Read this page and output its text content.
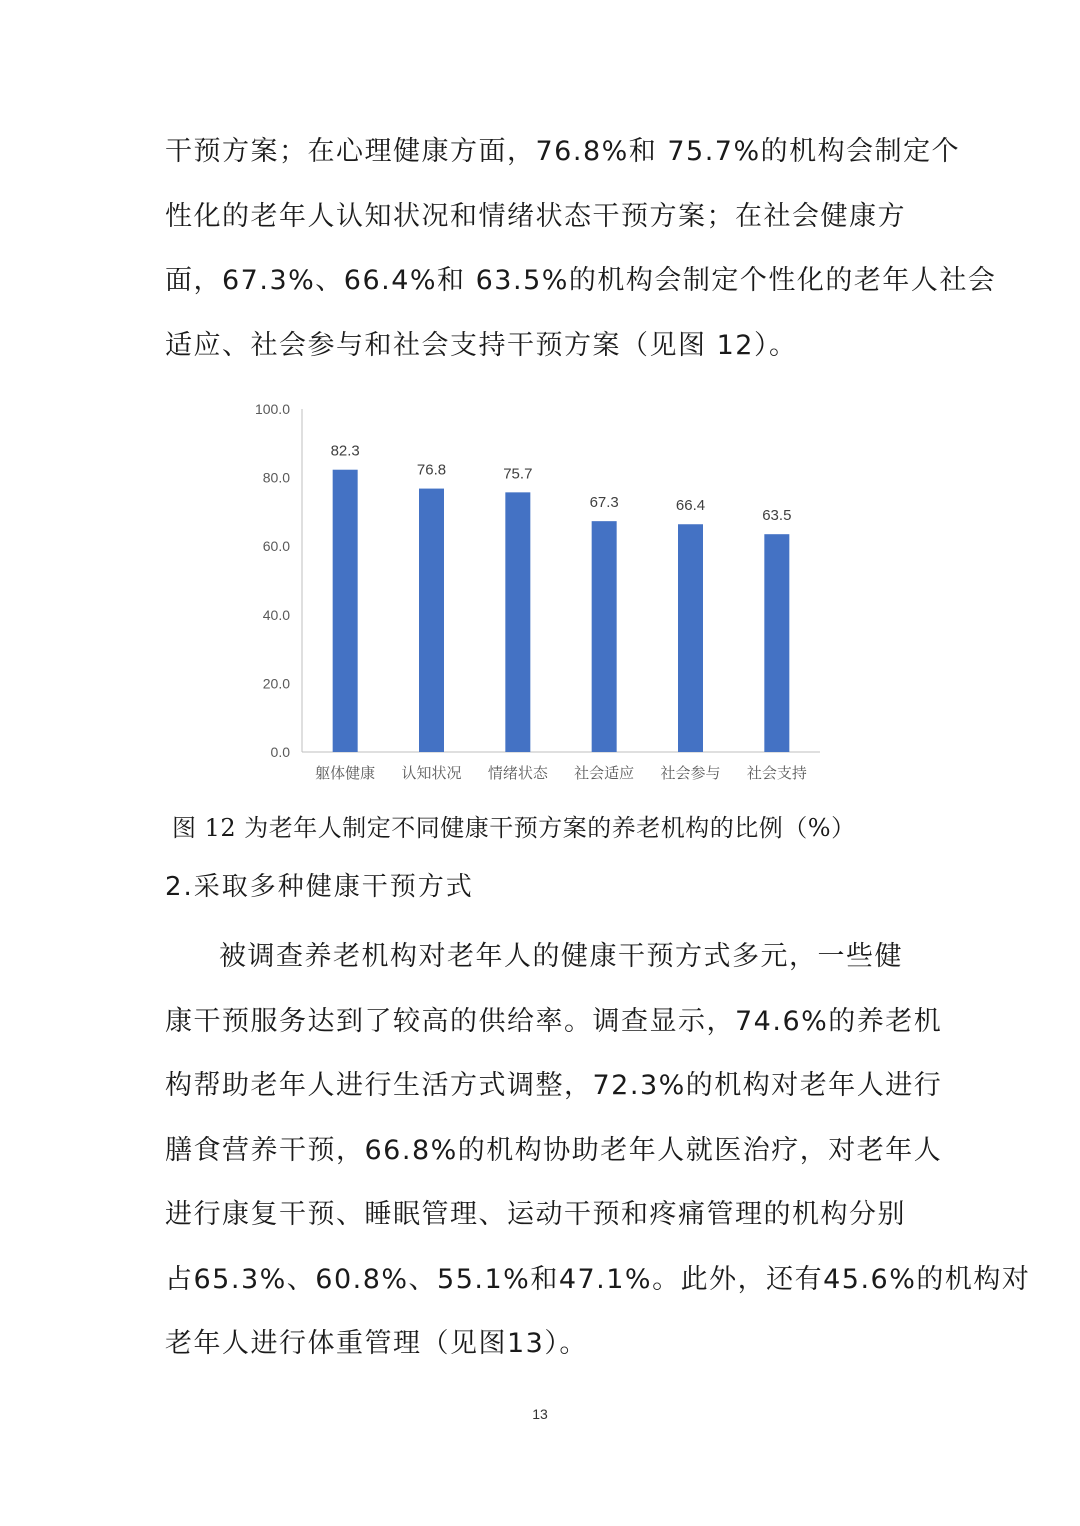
干预方案；在心理健康方面，76.8%和 75.7%的机构会制定个
性化的老年人认知状况和情绪状态干预方案；在社会健康方
面，67.3%、66.4%和 63.5%的机构会制定个性化的老年人社会
适应、社会参与和社会支持干预方案（见图 12）。

0.0
20.0
40.0
60.0
80.0
100.0
82.3
躯体健康
76.8
认知状况
75.7
情绪状态
67.3
社会适应
66.4
社会参与
63.5
社会支持

图 12 为老年人制定不同健康干预方案的养老机构的比例（%）

2.采取多种健康干预方式

被调查养老机构对老年人的健康干预方式多元，一些健
康干预服务达到了较高的供给率。调查显示，74.6%的养老机
构帮助老年人进行生活方式调整，72.3%的机构对老年人进行
膳食营养干预，66.8%的机构协助老年人就医治疗，对老年人
进行康复干预、睡眠管理、运动干预和疼痛管理的机构分别
占65.3%、60.8%、55.1%和47.1%。此外，还有45.6%的机构对
老年人进行体重管理（见图13）。

13
